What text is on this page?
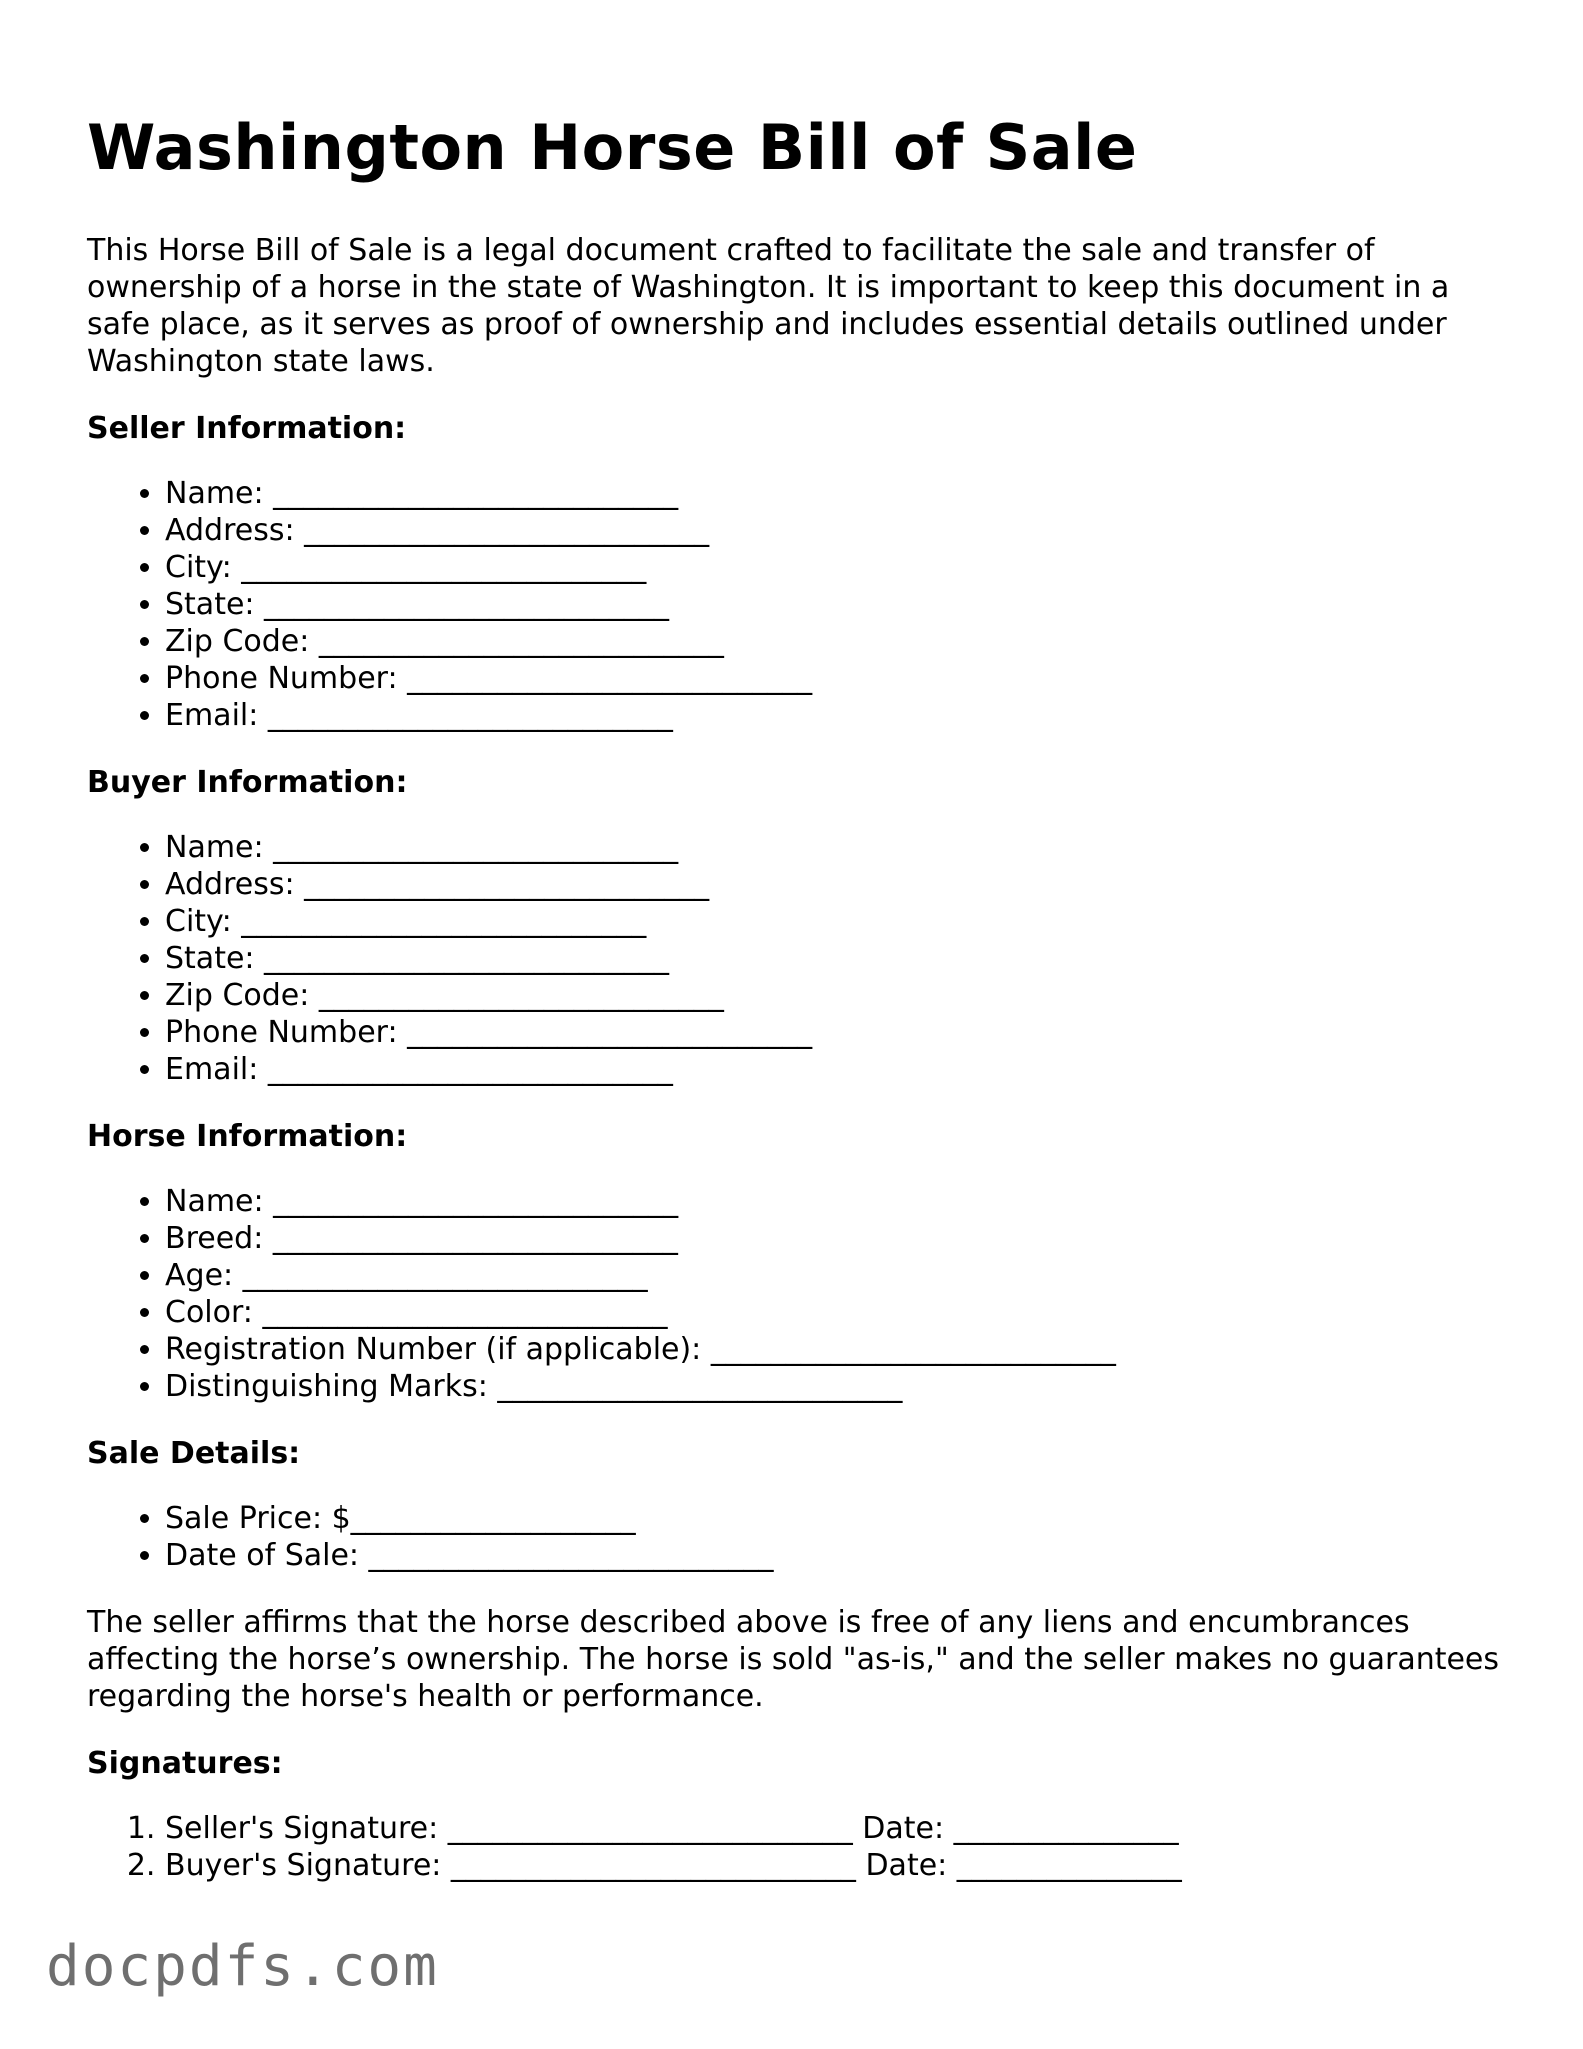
Washington Horse Bill of Sale

This Horse Bill of Sale is a legal document crafted to facilitate the sale and transfer of ownership of a horse in the state of Washington. It is important to keep this document in a safe place, as it serves as proof of ownership and includes essential details outlined under Washington state laws.

Seller Information:
• Name: ___________________________
• Address: ___________________________
• City: ___________________________
• State: ___________________________
• Zip Code: ___________________________
• Phone Number: ___________________________
• Email: ___________________________
Buyer Information:
• Name: ___________________________
• Address: ___________________________
• City: ___________________________
• State: ___________________________
• Zip Code: ___________________________
• Phone Number: ___________________________
• Email: ___________________________
Horse Information:
• Name: ___________________________
• Breed: ___________________________
• Age: ___________________________
• Color: ___________________________
• Registration Number (if applicable): ___________________________
• Distinguishing Marks: ___________________________
Sale Details:
• Sale Price: $___________________
• Date of Sale: ___________________________

The seller affirms that the horse described above is free of any liens and encumbrances affecting the horse’s ownership. The horse is sold "as-is," and the seller makes no guarantees regarding the horse's health or performance.

Signatures:
1. Seller's Signature: ___________________________ Date: _______________
2. Buyer's Signature: ___________________________ Date: _______________
docpdfs.com
